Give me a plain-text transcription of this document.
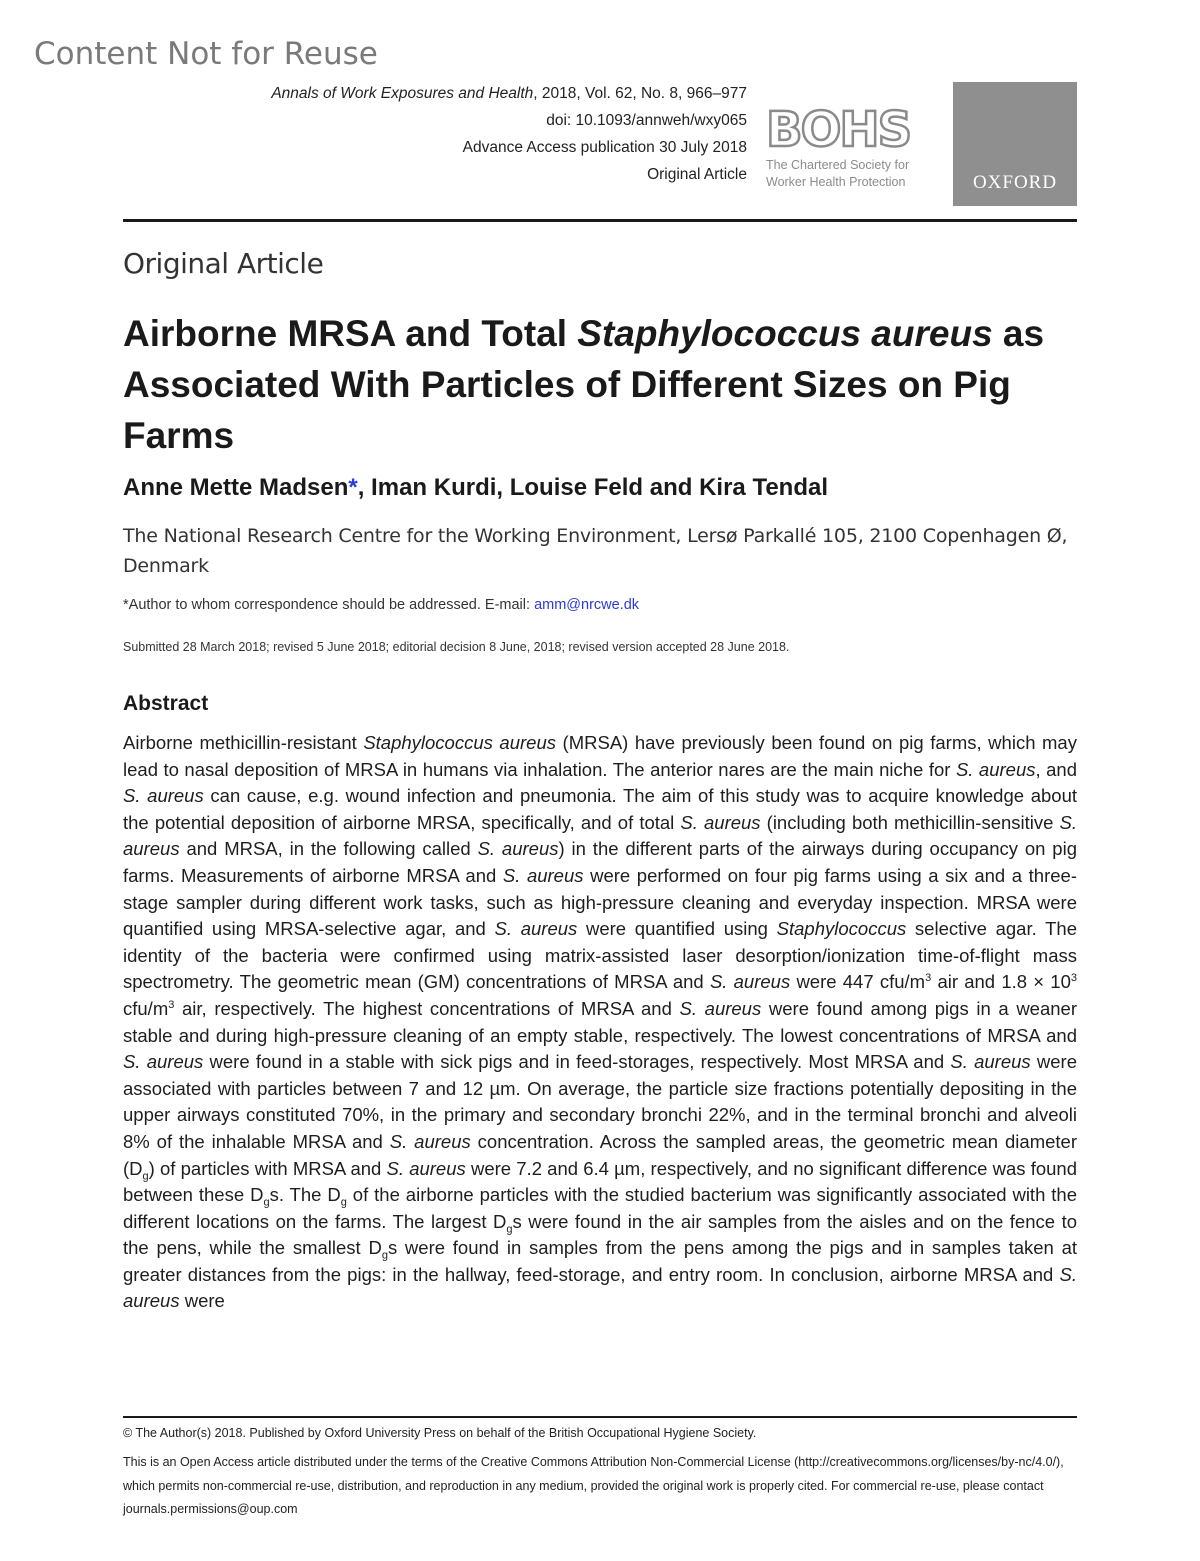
Content Not for Reuse
Annals of Work Exposures and Health, 2018, Vol. 62, No. 8, 966–977
doi: 10.1093/annweh/wxy065
Advance Access publication 30 July 2018
Original Article
BOHS
The Chartered Society for
Worker Health Protection	OXFORD
Original Article
Airborne MRSA and Total Staphylococcus aureus as Associated With Particles of Different Sizes on Pig Farms
Anne Mette Madsen*, Iman Kurdi, Louise Feld and Kira Tendal
The National Research Centre for the Working Environment, Lersø Parkallé 105, 2100 Copenhagen Ø, Denmark
*Author to whom correspondence should be addressed. E-mail: amm@nrcwe.dk
Submitted 28 March 2018; revised 5 June 2018; editorial decision 8 June, 2018; revised version accepted 28 June 2018.
Abstract
Airborne methicillin-resistant Staphylococcus aureus (MRSA) have previously been found on pig farms, which may lead to nasal deposition of MRSA in humans via inhalation. The anterior nares are the main niche for S. aureus, and S. aureus can cause, e.g. wound infection and pneumonia. The aim of this study was to acquire knowledge about the potential deposition of airborne MRSA, specifically, and of total S. aureus (including both methicillin-sensitive S. aureus and MRSA, in the following called S. aureus) in the different parts of the airways during occupancy on pig farms. Measurements of airborne MRSA and S. aureus were performed on four pig farms using a six and a three-stage sampler during different work tasks, such as high-pressure cleaning and everyday inspection. MRSA were quantified using MRSA-selective agar, and S. aureus were quantified using Staphylococcus selective agar. The identity of the bacteria were confirmed using matrix-assisted laser desorption/ionization time-of-flight mass spectrometry. The geometric mean (GM) concentrations of MRSA and S. aureus were 447 cfu/$m^3$ air and $1.8 \times 10^3$ cfu/$m^3$ air, respectively. The highest concentrations of MRSA and S. aureus were found among pigs in a weaner stable and during high-pressure cleaning of an empty stable, respectively. The lowest concentrations of MRSA and S. aureus were found in a stable with sick pigs and in feed-storages, respectively. Most MRSA and S. aureus were associated with particles between 7 and 12 µm. On average, the particle size fractions potentially depositing in the upper airways constituted 70%, in the primary and secondary bronchi 22%, and in the terminal bronchi and alveoli 8% of the inhalable MRSA and S. aureus concentration. Across the sampled areas, the geometric mean diameter $(D_g)$ of particles with MRSA and S. aureus were 7.2 and 6.4 µm, respectively, and no significant difference was found between these $D_gs$. The $D_g$ of the airborne particles with the studied bacterium was significantly associated with the different locations on the farms. The largest $D_gs$ were found in the air samples from the aisles and on the fence to the pens, while the smallest $D_gs$ were found in samples from the pens among the pigs and in samples taken at greater distances from the pigs: in the hallway, feed-storage, and entry room. In conclusion, airborne MRSA and S. aureus were
© The Author(s) 2018. Published by Oxford University Press on behalf of the British Occupational Hygiene Society.
This is an Open Access article distributed under the terms of the Creative Commons Attribution Non-Commercial License (http://creativecommons.org/licenses/by-nc/4.0/), which permits non-commercial re-use, distribution, and reproduction in any medium, provided the original work is properly cited. For commercial re-use, please contact journals.permissions@oup.com
